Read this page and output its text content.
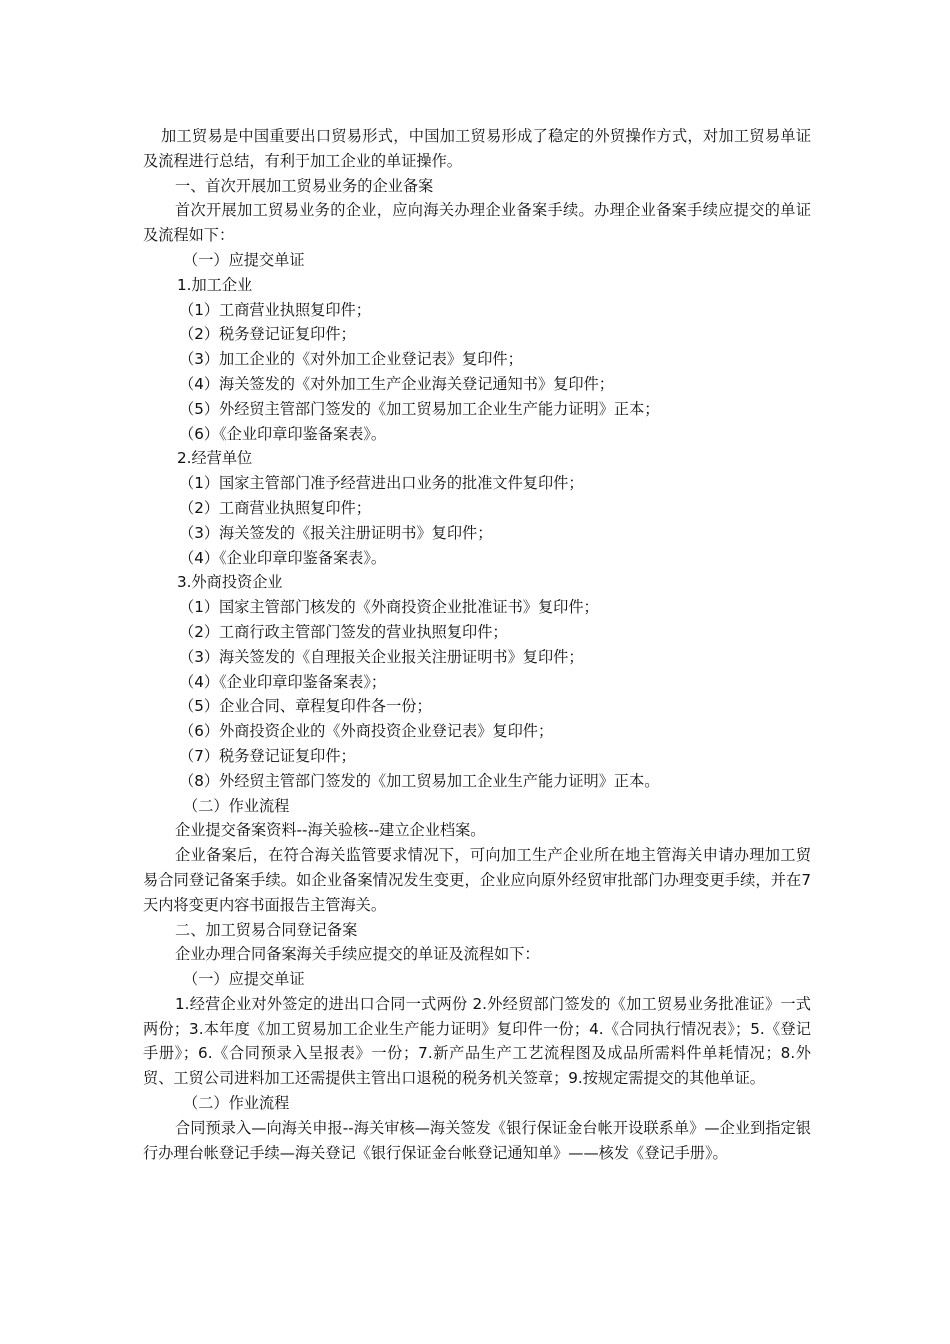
加工贸易是中国重要出口贸易形式，中国加工贸易形成了稳定的外贸操作方式，对加工贸易单证及流程进行总结，有利于加工企业的单证操作。

一、首次开展加工贸易业务的企业备案

首次开展加工贸易业务的企业，应向海关办理企业备案手续。办理企业备案手续应提交的单证及流程如下：

（一）应提交单证

1.加工企业

（1）工商营业执照复印件；

（2）税务登记证复印件；

（3）加工企业的《对外加工企业登记表》复印件；

（4）海关签发的《对外加工生产企业海关登记通知书》复印件；

（5）外经贸主管部门签发的《加工贸易加工企业生产能力证明》正本；

（6）《企业印章印鉴备案表》。

2.经营单位

（1）国家主管部门准予经营进出口业务的批准文件复印件；

（2）工商营业执照复印件；

（3）海关签发的《报关注册证明书》复印件；

（4）《企业印章印鉴备案表》。

3.外商投资企业

（1）国家主管部门核发的《外商投资企业批准证书》复印件；

（2）工商行政主管部门签发的营业执照复印件；

（3）海关签发的《自理报关企业报关注册证明书》复印件；

（4）《企业印章印鉴备案表》；

（5）企业合同、章程复印件各一份；

（6）外商投资企业的《外商投资企业登记表》复印件；

（7）税务登记证复印件；

（8）外经贸主管部门签发的《加工贸易加工企业生产能力证明》正本。

（二）作业流程

企业提交备案资料--海关验核--建立企业档案。

企业备案后，在符合海关监管要求情况下，可向加工生产企业所在地主管海关申请办理加工贸易合同登记备案手续。如企业备案情况发生变更，企业应向原外经贸审批部门办理变更手续，并在7天内将变更内容书面报告主管海关。

二、加工贸易合同登记备案

企业办理合同备案海关手续应提交的单证及流程如下：

（一）应提交单证

1.经营企业对外签定的进出口合同一式两份 2.外经贸部门签发的《加工贸易业务批准证》一式两份；3.本年度《加工贸易加工企业生产能力证明》复印件一份；4.《合同执行情况表》；5.《登记手册》；6.《合同预录入呈报表》一份；7.新产品生产工艺流程图及成品所需料件单耗情况；8.外贸、工贸公司进料加工还需提供主管出口退税的税务机关签章；9.按规定需提交的其他单证。

（二）作业流程

合同预录入—向海关申报--海关审核—海关签发《银行保证金台帐开设联系单》—企业到指定银行办理台帐登记手续—海关登记《银行保证金台帐登记通知单》——核发《登记手册》。
